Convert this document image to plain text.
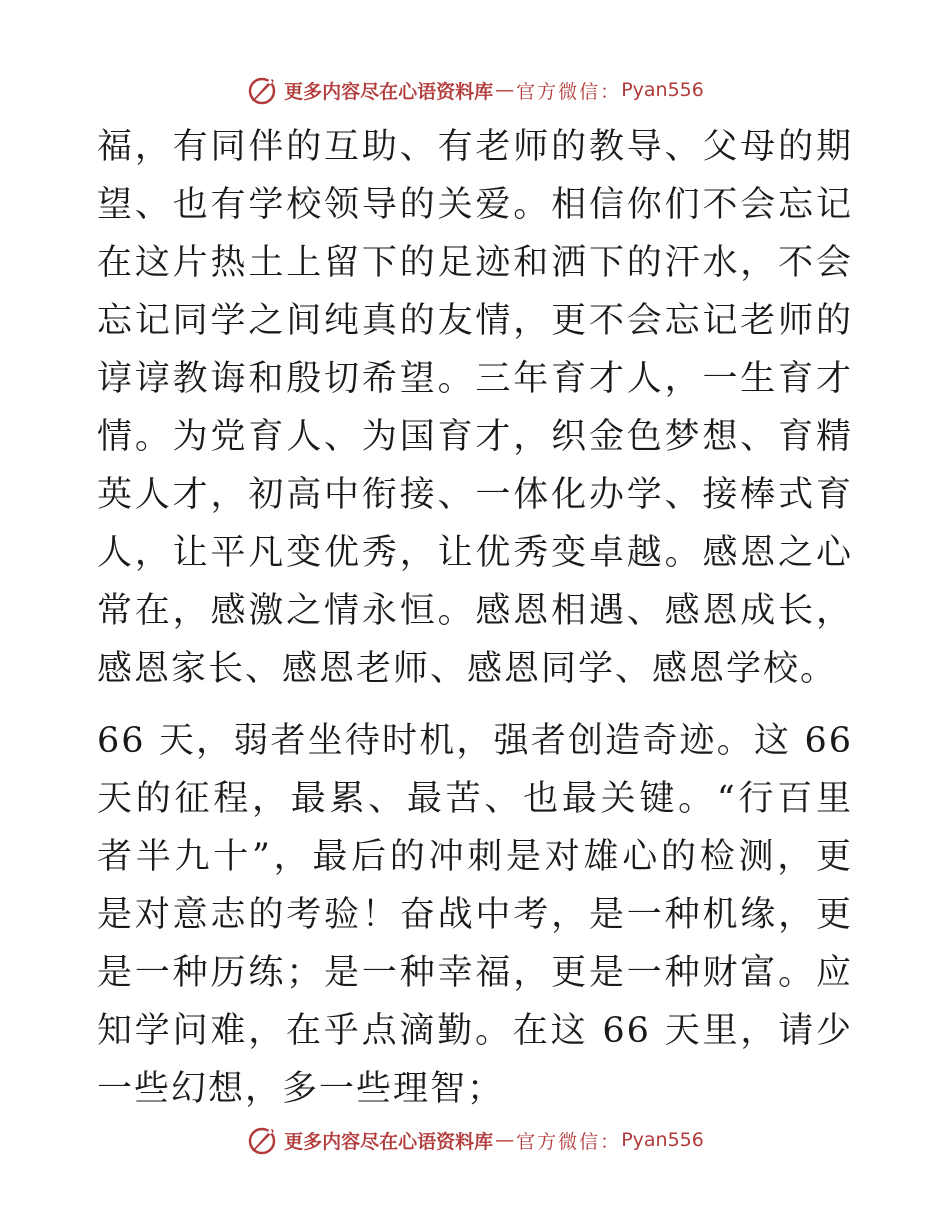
更多内容尽在心语资料库 — 官方微信： Pyan556

福，有同伴的互助、有老师的教导、父母的期望、也有学校领导的关爱。相信你们不会忘记在这片热土上留下的足迹和洒下的汗水，不会忘记同学之间纯真的友情，更不会忘记老师的谆谆教诲和殷切希望。三年育才人，一生育才情。为党育人、为国育才，织金色梦想、育精英人才，初高中衔接、一体化办学、接棒式育人，让平凡变优秀，让优秀变卓越。感恩之心常在，感激之情永恒。感恩相遇、感恩成长，感恩家长、感恩老师、感恩同学、感恩学校。

66 天，弱者坐待时机，强者创造奇迹。这 66 天的征程，最累、最苦、也最关键。“行百里者半九十”，最后的冲刺是对雄心的检测，更是对意志的考验！奋战中考，是一种机缘，更是一种历练；是一种幸福，更是一种财富。应知学问难，在乎点滴勤。在这 66 天里，请少一些幻想，多一些理智；

更多内容尽在心语资料库 — 官方微信： Pyan556
